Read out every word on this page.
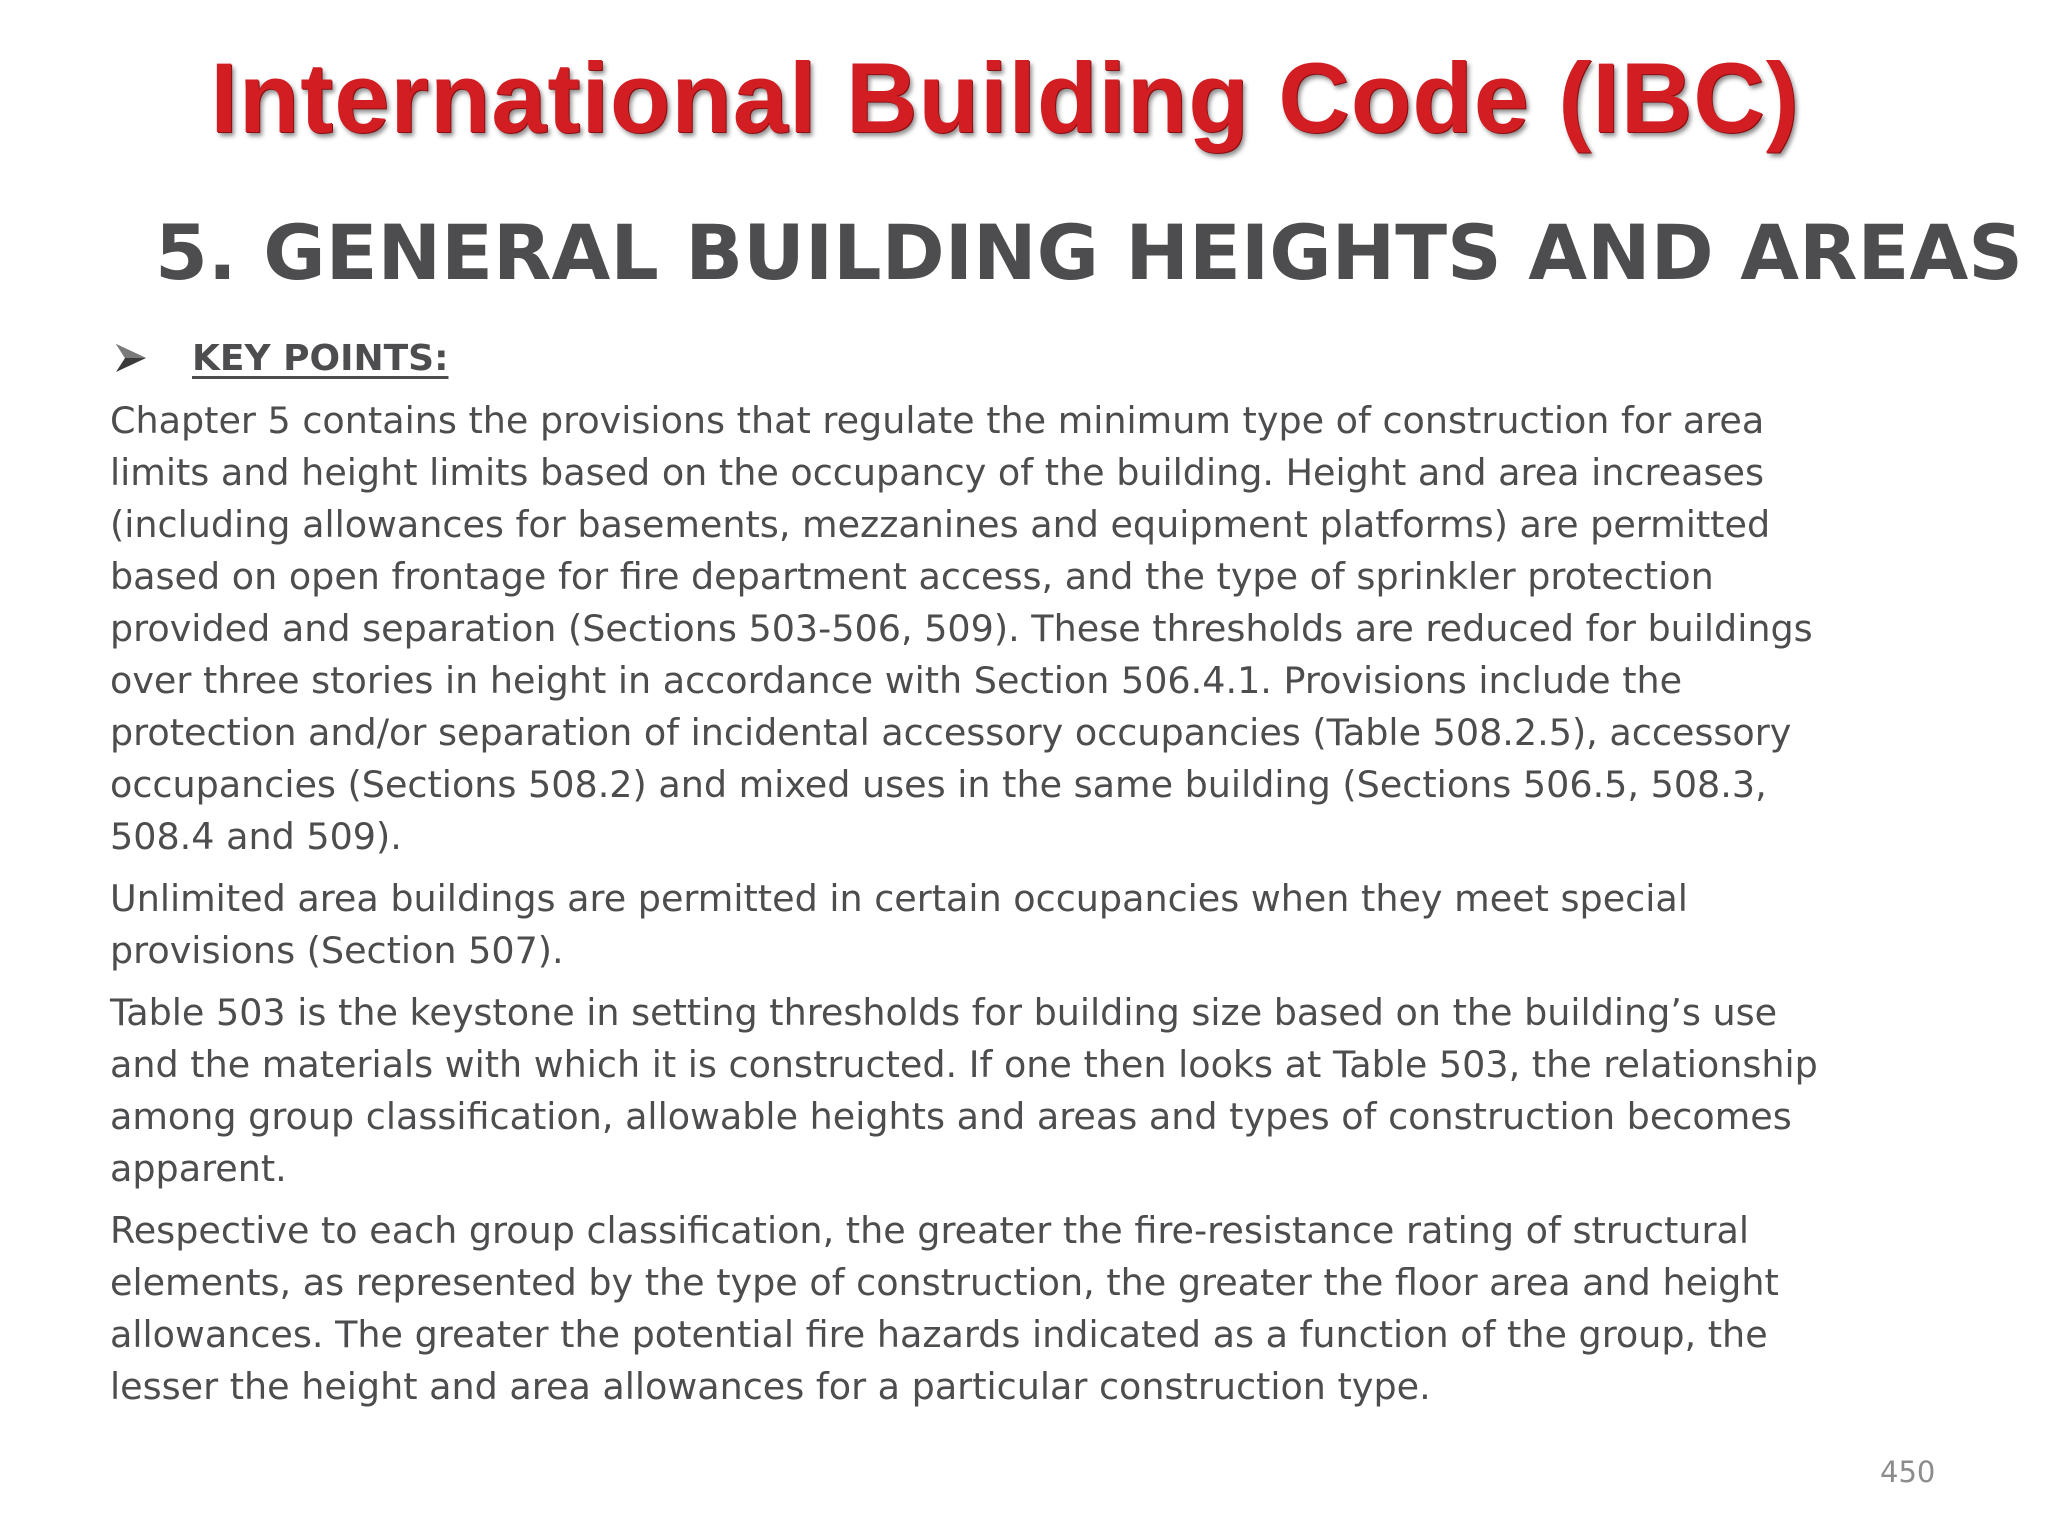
International Building Code (IBC)
5. GENERAL BUILDING HEIGHTS AND AREAS
KEY POINTS:

Chapter 5 contains the provisions that regulate the minimum type of construction for area limits and height limits based on the occupancy of the building. Height and area increases (including allowances for basements, mezzanines and equipment platforms) are permitted based on open frontage for fire department access, and the type of sprinkler protection provided and separation (Sections 503-506, 509). These thresholds are reduced for buildings over three stories in height in accordance with Section 506.4.1. Provisions include the protection and/or separation of incidental accessory occupancies (Table 508.2.5), accessory occupancies (Sections 508.2) and mixed uses in the same building (Sections 506.5, 508.3, 508.4 and 509).

Unlimited area buildings are permitted in certain occupancies when they meet special provisions (Section 507).

Table 503 is the keystone in setting thresholds for building size based on the building’s use and the materials with which it is constructed. If one then looks at Table 503, the relationship among group classification, allowable heights and areas and types of construction becomes apparent.

Respective to each group classification, the greater the fire-resistance rating of structural elements, as represented by the type of construction, the greater the floor area and height allowances. The greater the potential fire hazards indicated as a function of the group, the lesser the height and area allowances for a particular construction type.

450
